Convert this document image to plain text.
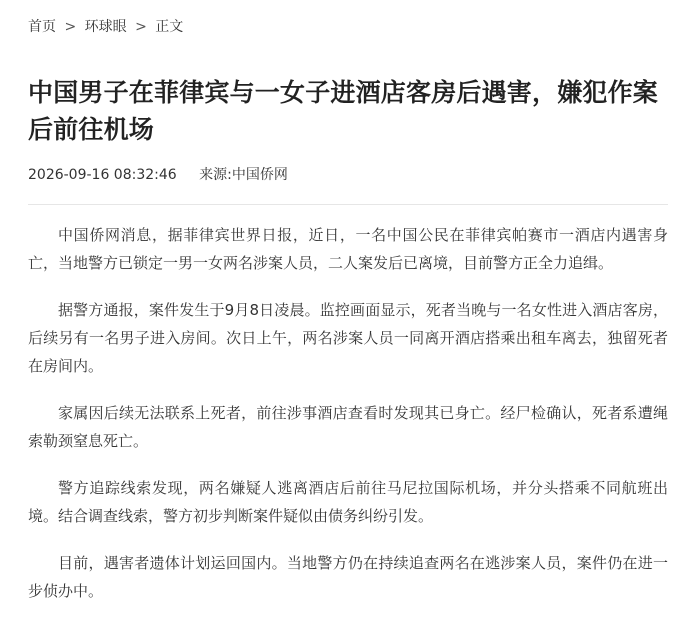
首页 > 环球眼 > 正文
中国男子在菲律宾与一女子进酒店客房后遇害，嫌犯作案后前往机场
2026-09-16 08:32:46 来源:中国侨网

中国侨网消息，据菲律宾世界日报，近日，一名中国公民在菲律宾帕赛市一酒店内遇害身亡，当地警方已锁定一男一女两名涉案人员，二人案发后已离境，目前警方正全力追缉。

据警方通报，案件发生于9月8日凌晨。监控画面显示，死者当晚与一名女性进入酒店客房，后续另有一名男子进入房间。次日上午，两名涉案人员一同离开酒店搭乘出租车离去，独留死者在房间内。

家属因后续无法联系上死者，前往涉事酒店查看时发现其已身亡。经尸检确认，死者系遭绳索勒颈窒息死亡。

警方追踪线索发现，两名嫌疑人逃离酒店后前往马尼拉国际机场，并分头搭乘不同航班出境。结合调查线索，警方初步判断案件疑似由债务纠纷引发。

目前，遇害者遗体计划运回国内。当地警方仍在持续追查两名在逃涉案人员，案件仍在进一步侦办中。
